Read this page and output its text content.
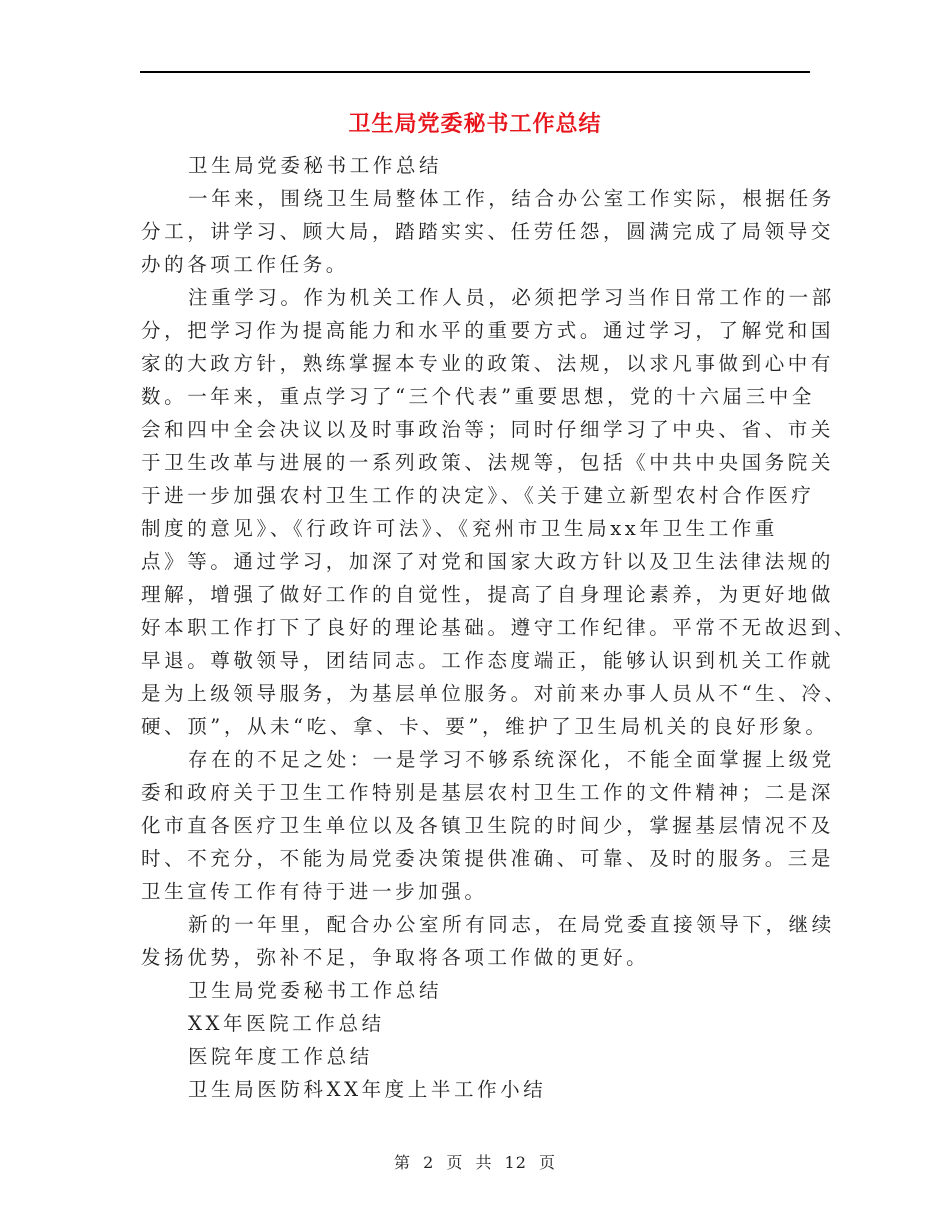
卫生局党委秘书工作总结
卫生局党委秘书工作总结
一年来，围绕卫生局整体工作，结合办公室工作实际，根据任务
分工，讲学习、顾大局，踏踏实实、任劳任怨，圆满完成了局领导交
办的各项工作任务。
注重学习。作为机关工作人员，必须把学习当作日常工作的一部
分，把学习作为提高能力和水平的重要方式。通过学习，了解党和国
家的大政方针，熟练掌握本专业的政策、法规，以求凡事做到心中有
数。一年来，重点学习了“三个代表”重要思想，党的十六届三中全
会和四中全会决议以及时事政治等；同时仔细学习了中央、省、市关
于卫生改革与进展的一系列政策、法规等，包括《中共中央国务院关
于进一步加强农村卫生工作的决定》、《关于建立新型农村合作医疗
制度的意见》、《行政许可法》、《兖州市卫生局xx年卫生工作重
点》等。通过学习，加深了对党和国家大政方针以及卫生法律法规的
理解，增强了做好工作的自觉性，提高了自身理论素养，为更好地做
好本职工作打下了良好的理论基础。遵守工作纪律。平常不无故迟到、
早退。尊敬领导，团结同志。工作态度端正，能够认识到机关工作就
是为上级领导服务，为基层单位服务。对前来办事人员从不“生、冷、
硬、顶”，从未“吃、拿、卡、要”，维护了卫生局机关的良好形象。
存在的不足之处：一是学习不够系统深化，不能全面掌握上级党
委和政府关于卫生工作特别是基层农村卫生工作的文件精神；二是深
化市直各医疗卫生单位以及各镇卫生院的时间少，掌握基层情况不及
时、不充分，不能为局党委决策提供准确、可靠、及时的服务。三是
卫生宣传工作有待于进一步加强。
新的一年里，配合办公室所有同志，在局党委直接领导下，继续
发扬优势，弥补不足，争取将各项工作做的更好。
卫生局党委秘书工作总结
XX年医院工作总结
医院年度工作总结
卫生局医防科XX年度上半工作小结
第 2 页 共 12 页
